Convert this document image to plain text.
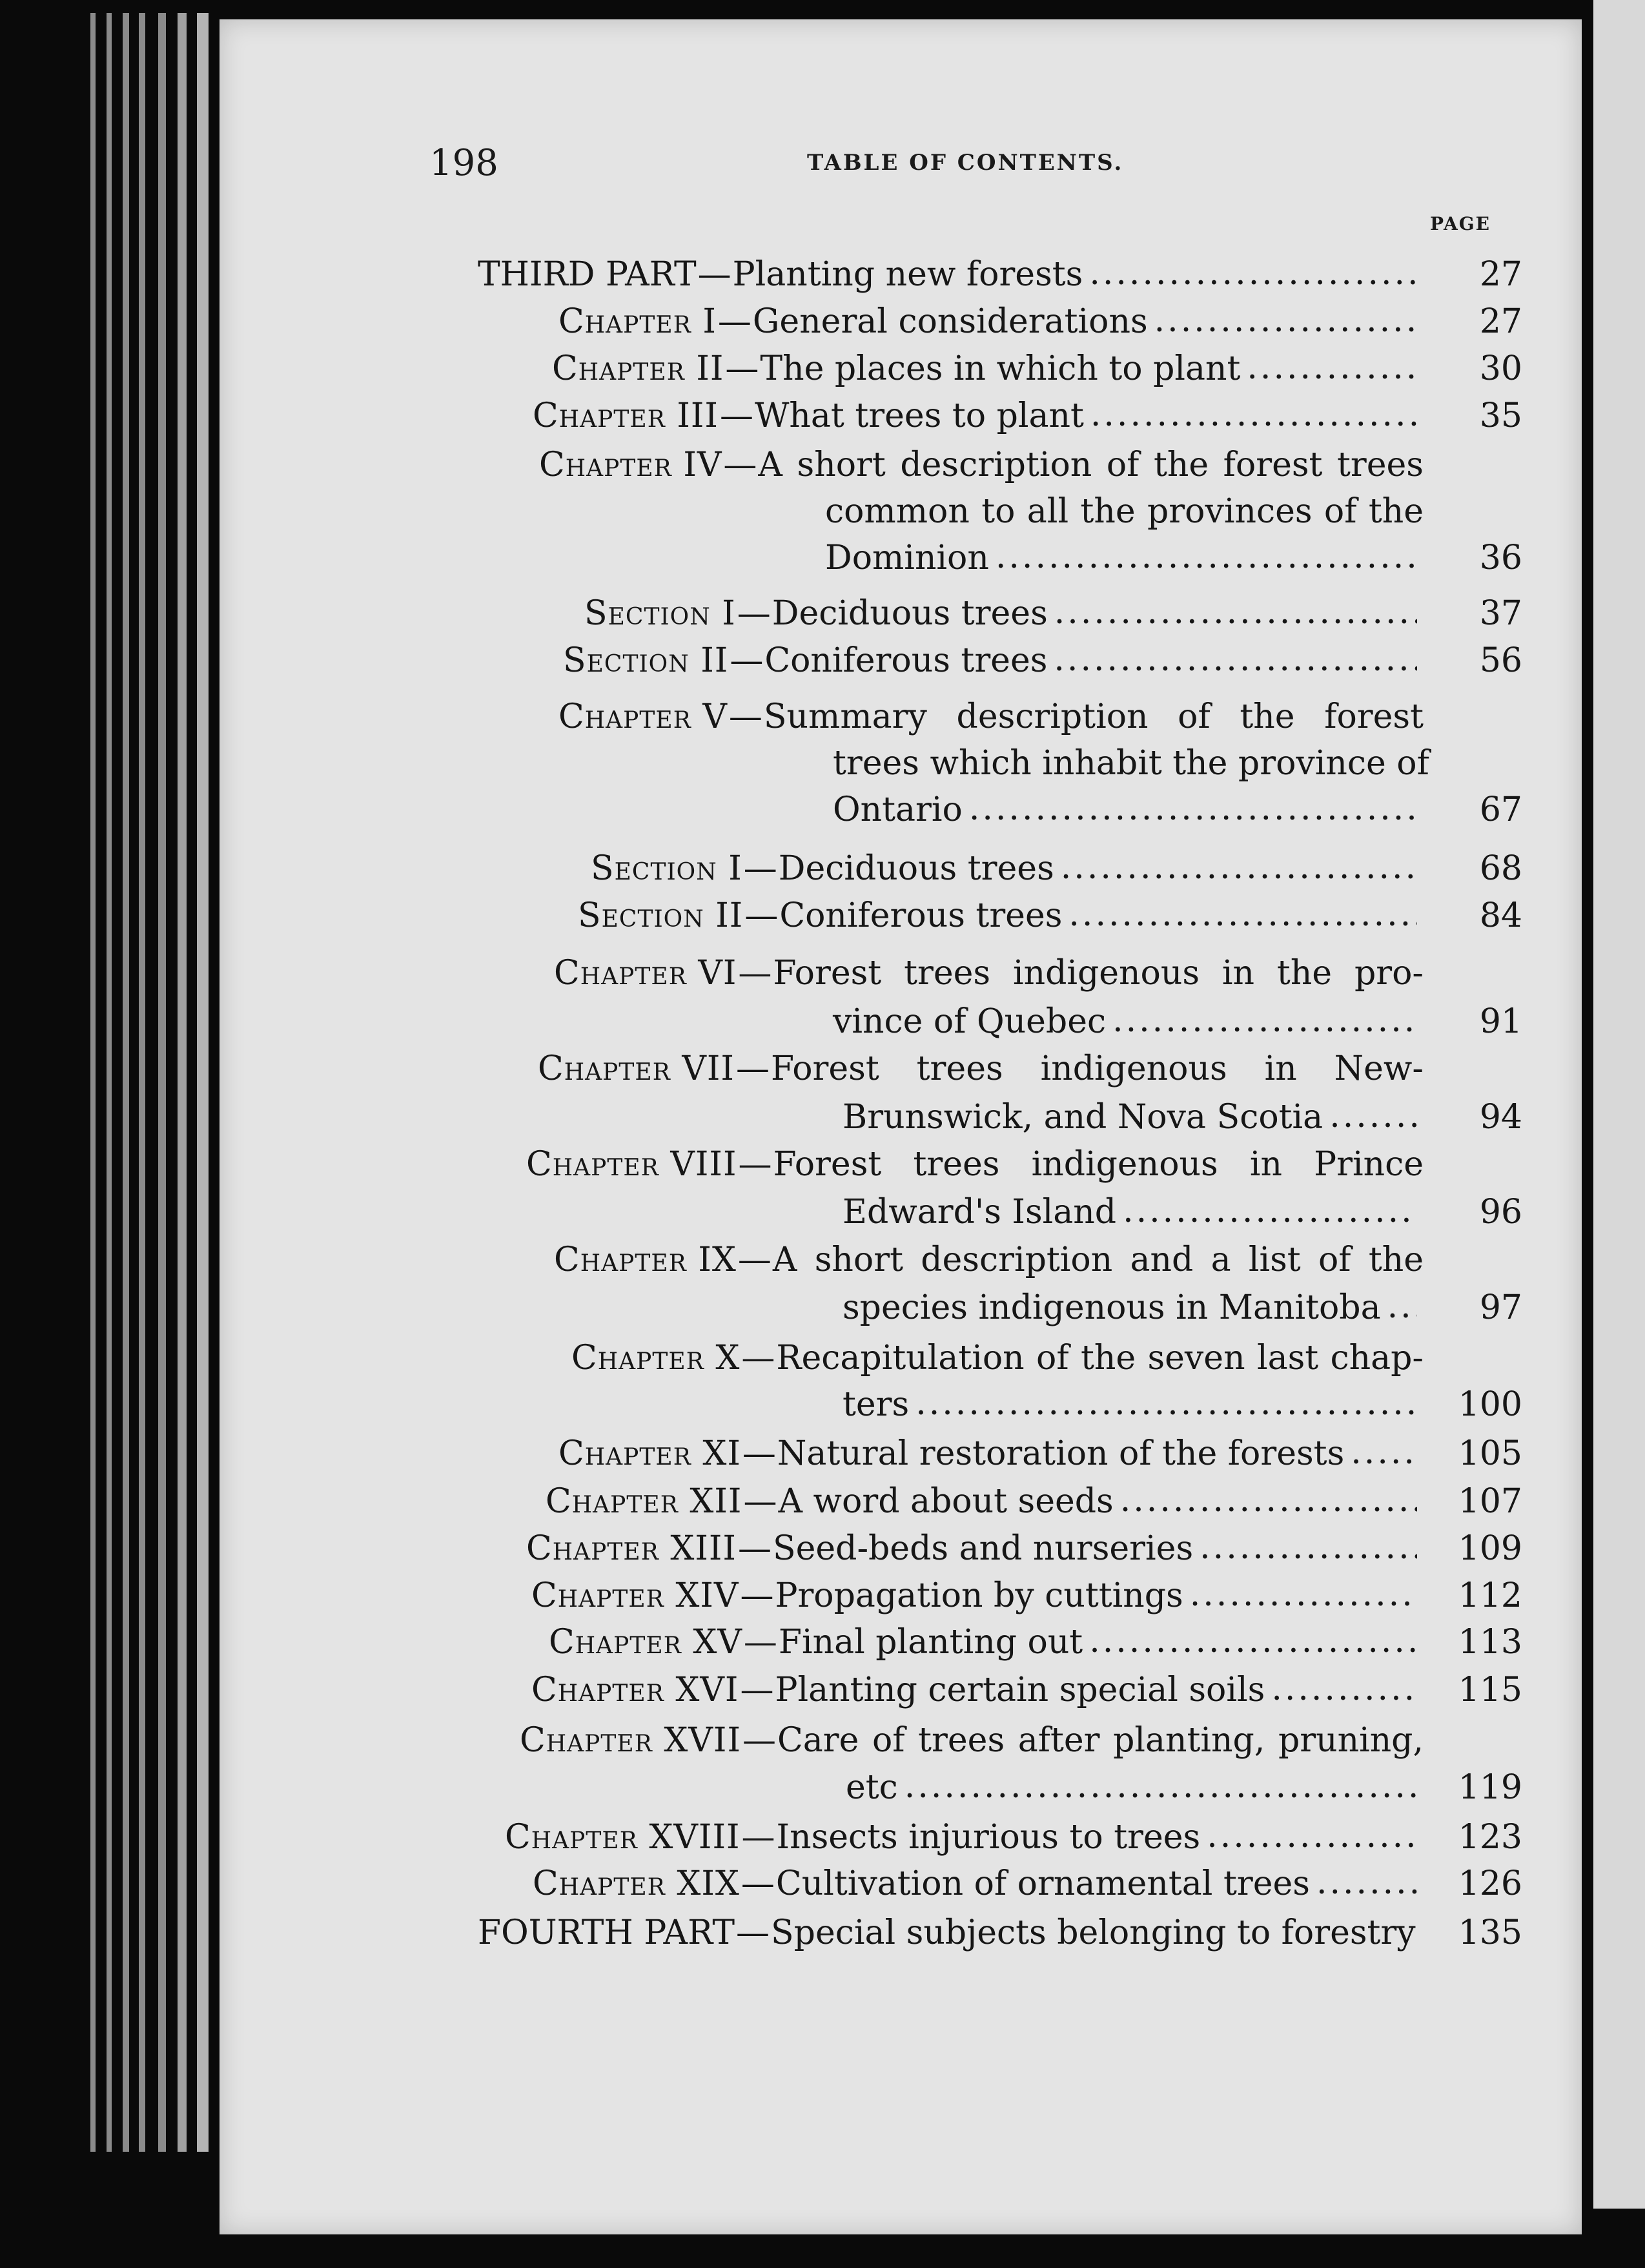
198	TABLE OF CONTENTS.
PAGE
THIRD PART — Planting new forests .....	27
Chapter I — General considerations .....	27
Chapter II — The places in which to plant .....	30
Chapter III — What trees to plant .....	35
Chapter IV — A short description of the forest trees
common to all the provinces of the
Dominion .....	36
Section I — Deciduous trees .....	37
Section II — Coniferous trees .....	56
Chapter V — Summary description of the forest
trees which inhabit the province of
Ontario .....	67
Section I — Deciduous trees .....	68
Section II — Coniferous trees .....	84
Chapter VI — Forest trees indigenous in the pro-
vince of Quebec .....	91
Chapter VII — Forest trees indigenous in New-
Brunswick, and Nova Scotia .....	94
Chapter VIII — Forest trees indigenous in Prince
Edward's Island .....	96
Chapter IX — A short description and a list of the
species indigenous in Manitoba .....	97
Chapter X — Recapitulation of the seven last chap-
ters .....	100
Chapter XI — Natural restoration of the forests .....	105
Chapter XII — A word about seeds .....	107
Chapter XIII — Seed-beds and nurseries .....	109
Chapter XIV — Propagation by cuttings .....	112
Chapter XV — Final planting out .....	113
Chapter XVI — Planting certain special soils .....	115
Chapter XVII — Care of trees after planting, pruning,
etc .....	119
Chapter XVIII — Insects injurious to trees .....	123
Chapter XIX — Cultivation of ornamental trees .....	126
FOURTH PART — Special subjects belonging to forestry 135
